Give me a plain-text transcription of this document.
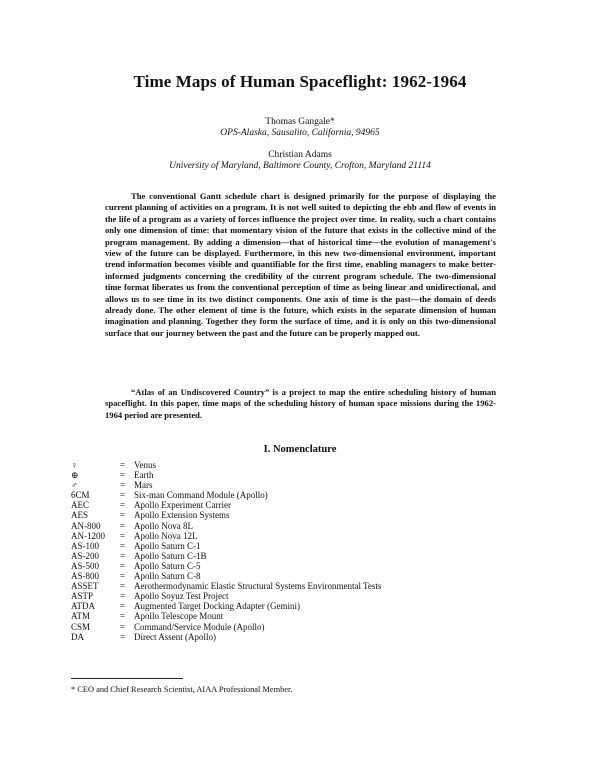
Time Maps of Human Spaceflight: 1962-1964
Thomas Gangale*
OPS-Alaska, Sausalito, California, 94965
Christian Adams
University of Maryland, Baltimore County, Crofton, Maryland 21114

The conventional Gantt schedule chart is designed primarily for the purpose of displaying the current planning of activities on a program. It is not well suited to depicting the ebb and flow of events in the life of a program as a variety of forces influence the project over time. In reality, such a chart contains only one dimension of time: that momentary vision of the future that exists in the collective mind of the program management. By adding a dimension—that of historical time—the evolution of management's view of the future can be displayed. Furthermore, in this new two-dimensional environment, important trend information becomes visible and quantifiable for the first time, enabling managers to make better-informed judgments concerning the credibility of the current program schedule. The two-dimensional time format liberates us from the conventional perception of time as being linear and unidirectional, and allows us to see time in its two distinct components. One axis of time is the past—the domain of deeds already done. The other element of time is the future, which exists in the separate dimension of human imagination and planning. Together they form the surface of time, and it is only on this two-dimensional surface that our journey between the past and the future can be properly mapped out.

“Atlas of an Undiscovered Country” is a project to map the entire scheduling history of human spaceflight. In this paper, time maps of the scheduling history of human space missions during the 1962-1964 period are presented.

I. Nomenclature
♀	= Venus
⊕	= Earth
♂	= Mars
6CM	= Six-man Command Module (Apollo)
AEC	= Apollo Experiment Carrier
AES	= Apollo Extension Systems
AN-800	= Apollo Nova 8L
AN-1200	= Apollo Nova 12L
AS-100	= Apollo Saturn C-1
AS-200	= Apollo Saturn C-1B
AS-500	= Apollo Saturn C-5
AS-800	= Apollo Saturn C-8
ASSET	= Aerothermodynamic Elastic Structural Systems Environmental Tests
ASTP	= Apollo Soyuz Test Project
ATDA	= Augmented Target Docking Adapter (Gemini)
ATM	= Apollo Telescope Mount
CSM	= Command/Service Module (Apollo)
DA	= Direct Assent (Apollo)
* CEO and Chief Research Scientist, AIAA Professional Member.
